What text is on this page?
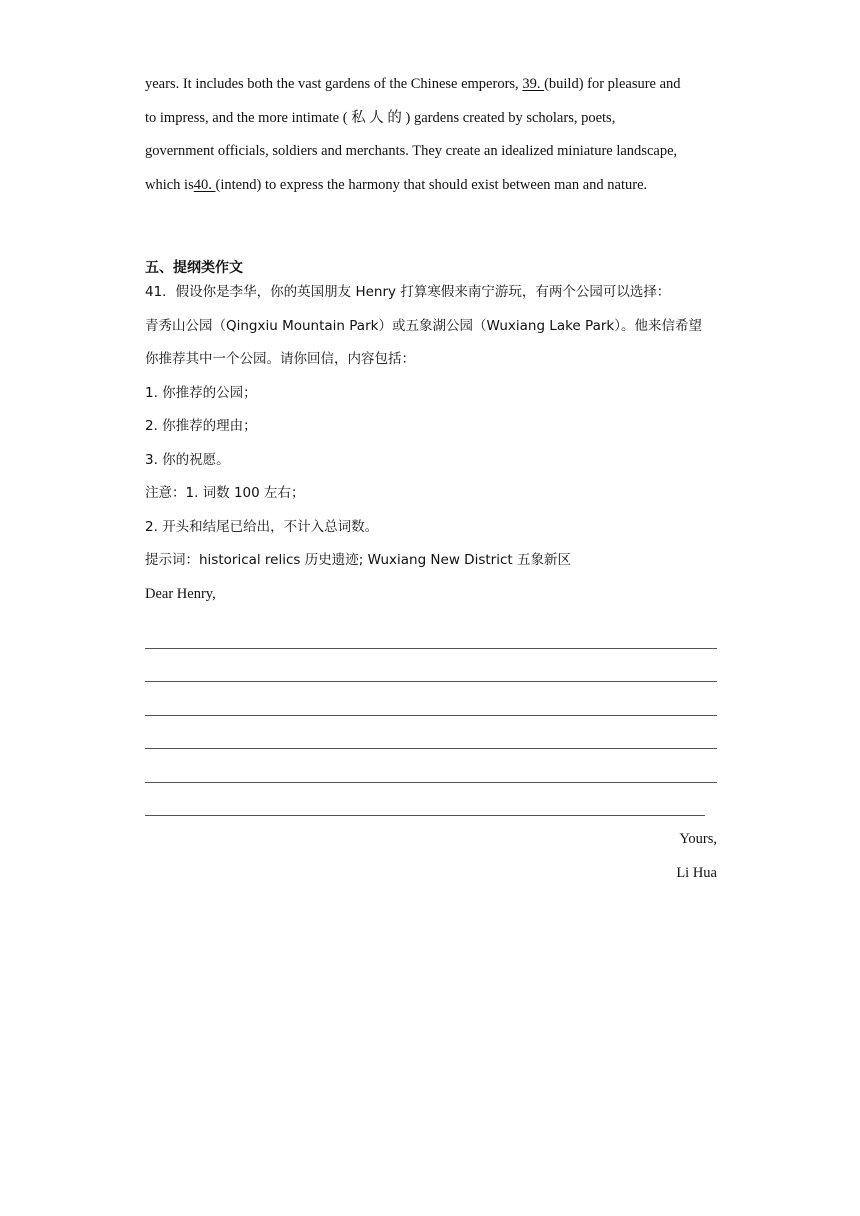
years. It includes both the vast gardens of the Chinese emperors, 39. (build) for pleasure and

to impress, and the more intimate ( 私 人 的 ) gardens created by scholars, poets,

government officials, soldiers and merchants. They create an idealized miniature landscape,

which is40. (intend) to express the harmony that should exist between man and nature.

五、提纲类作文

41．假设你是李华，你的英国朋友 Henry 打算寒假来南宁游玩，有两个公园可以选择：

青秀山公园（Qingxiu Mountain Park）或五象湖公园（Wuxiang Lake Park）。他来信希望

你推荐其中一个公园。请你回信，内容包括：

1. 你推荐的公园；

2. 你推荐的理由；

3. 你的祝愿。

注意：1. 词数 100 左右；

2. 开头和结尾已给出，不计入总词数。

提示词：historical relics 历史遗迹; Wuxiang New District 五象新区

Dear Henry,

Yours,

Li Hua
